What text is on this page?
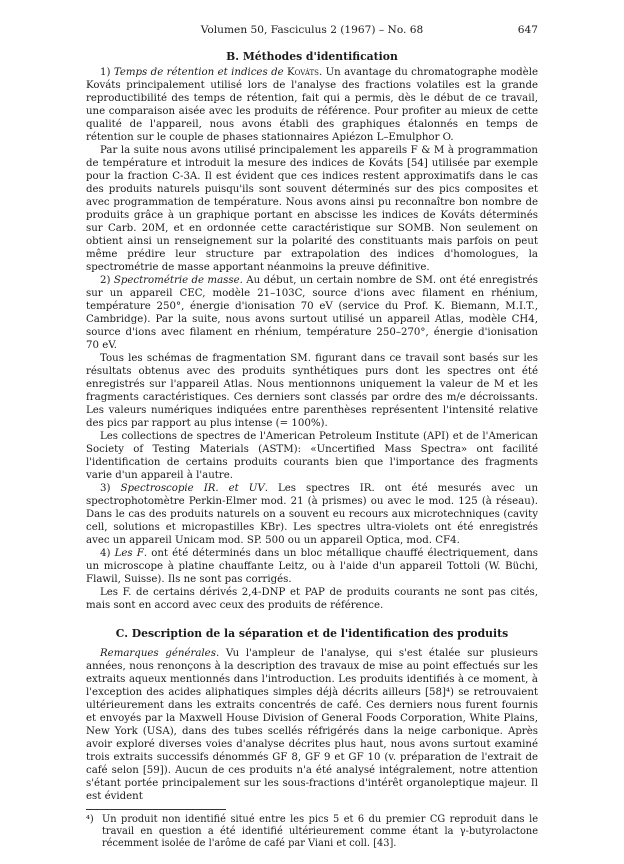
Volumen 50, Fasciculus 2 (1967) – No. 68	647
B. Méthodes d'identification

1) Temps de rétention et indices de Kováts. Un avantage du chromatographe modèle Kováts principalement utilisé lors de l'analyse des fractions volatiles est la grande reproductibilité des temps de rétention, fait qui a permis, dès le début de ce travail, une comparaison aisée avec les produits de référence. Pour profiter au mieux de cette qualité de l'appareil, nous avons établi des graphiques étalonnés en temps de rétention sur le couple de phases stationnaires Apiézon L–Emulphor O.

Par la suite nous avons utilisé principalement les appareils F & M à programmation de température et introduit la mesure des indices de Kováts [54] utilisée par exemple pour la fraction C-3A. Il est évident que ces indices restent approximatifs dans le cas des produits naturels puisqu'ils sont souvent déterminés sur des pics composites et avec programmation de température. Nous avons ainsi pu reconnaître bon nombre de produits grâce à un graphique portant en abscisse les indices de Kováts déterminés sur Carb. 20M, et en ordonnée cette caractéristique sur SOMB. Non seulement on obtient ainsi un renseignement sur la polarité des constituants mais parfois on peut même prédire leur structure par extrapolation des indices d'homologues, la spectrométrie de masse apportant néanmoins la preuve définitive.

2) Spectrométrie de masse. Au début, un certain nombre de SM. ont été enregistrés sur un appareil CEC, modèle 21–103C, source d'ions avec filament en rhénium, température 250°, énergie d'ionisation 70 eV (service du Prof. K. Biemann, M.I.T., Cambridge). Par la suite, nous avons surtout utilisé un appareil Atlas, modèle CH4, source d'ions avec filament en rhénium, température 250–270°, énergie d'ionisation 70 eV.

Tous les schémas de fragmentation SM. figurant dans ce travail sont basés sur les résultats obtenus avec des produits synthétiques purs dont les spectres ont été enregistrés sur l'appareil Atlas. Nous mentionnons uniquement la valeur de M et les fragments caractéristiques. Ces derniers sont classés par ordre des m/e décroissants. Les valeurs numériques indiquées entre parenthèses représentent l'intensité relative des pics par rapport au plus intense (= 100%).

Les collections de spectres de l'American Petroleum Institute (API) et de l'American Society of Testing Materials (ASTM): «Uncertified Mass Spectra» ont facilité l'identification de certains produits courants bien que l'importance des fragments varie d'un appareil à l'autre.

3) Spectroscopie IR. et UV. Les spectres IR. ont été mesurés avec un spectrophotomètre Perkin-Elmer mod. 21 (à prismes) ou avec le mod. 125 (à réseau). Dans le cas des produits naturels on a souvent eu recours aux microtechniques (cavity cell, solutions et micropastilles KBr). Les spectres ultra-violets ont été enregistrés avec un appareil Unicam mod. SP. 500 ou un appareil Optica, mod. CF4.

4) Les F. ont été déterminés dans un bloc métallique chauffé électriquement, dans un microscope à platine chauffante Leitz, ou à l'aide d'un appareil Tottoli (W. Büchi, Flawil, Suisse). Ils ne sont pas corrigés.

Les F. de certains dérivés 2,4-DNP et PAP de produits courants ne sont pas cités, mais sont en accord avec ceux des produits de référence.

C. Description de la séparation et de l'identification des produits

Remarques générales. Vu l'ampleur de l'analyse, qui s'est étalée sur plusieurs années, nous renonçons à la description des travaux de mise au point effectués sur les extraits aqueux mentionnés dans l'introduction. Les produits identifiés à ce moment, à l'exception des acides aliphatiques simples déjà décrits ailleurs [58]⁴) se retrouvaient ultérieurement dans les extraits concentrés de café. Ces derniers nous furent fournis et envoyés par la Maxwell House Division of General Foods Corporation, White Plains, New York (USA), dans des tubes scellés réfrigérés dans la neige carbonique. Après avoir exploré diverses voies d'analyse décrites plus haut, nous avons surtout examiné trois extraits successifs dénommés GF 8, GF 9 et GF 10 (v. préparation de l'extrait de café selon [59]). Aucun de ces produits n'a été analysé intégralement, notre attention s'étant portée principalement sur les sous-fractions d'intérêt organoleptique majeur. Il est évident

⁴) Un produit non identifié situé entre les pics 5 et 6 du premier CG reproduit dans le travail en question a été identifié ultérieurement comme étant la γ-butyrolactone récemment isolée de l'arôme de café par Viani et coll. [43].
